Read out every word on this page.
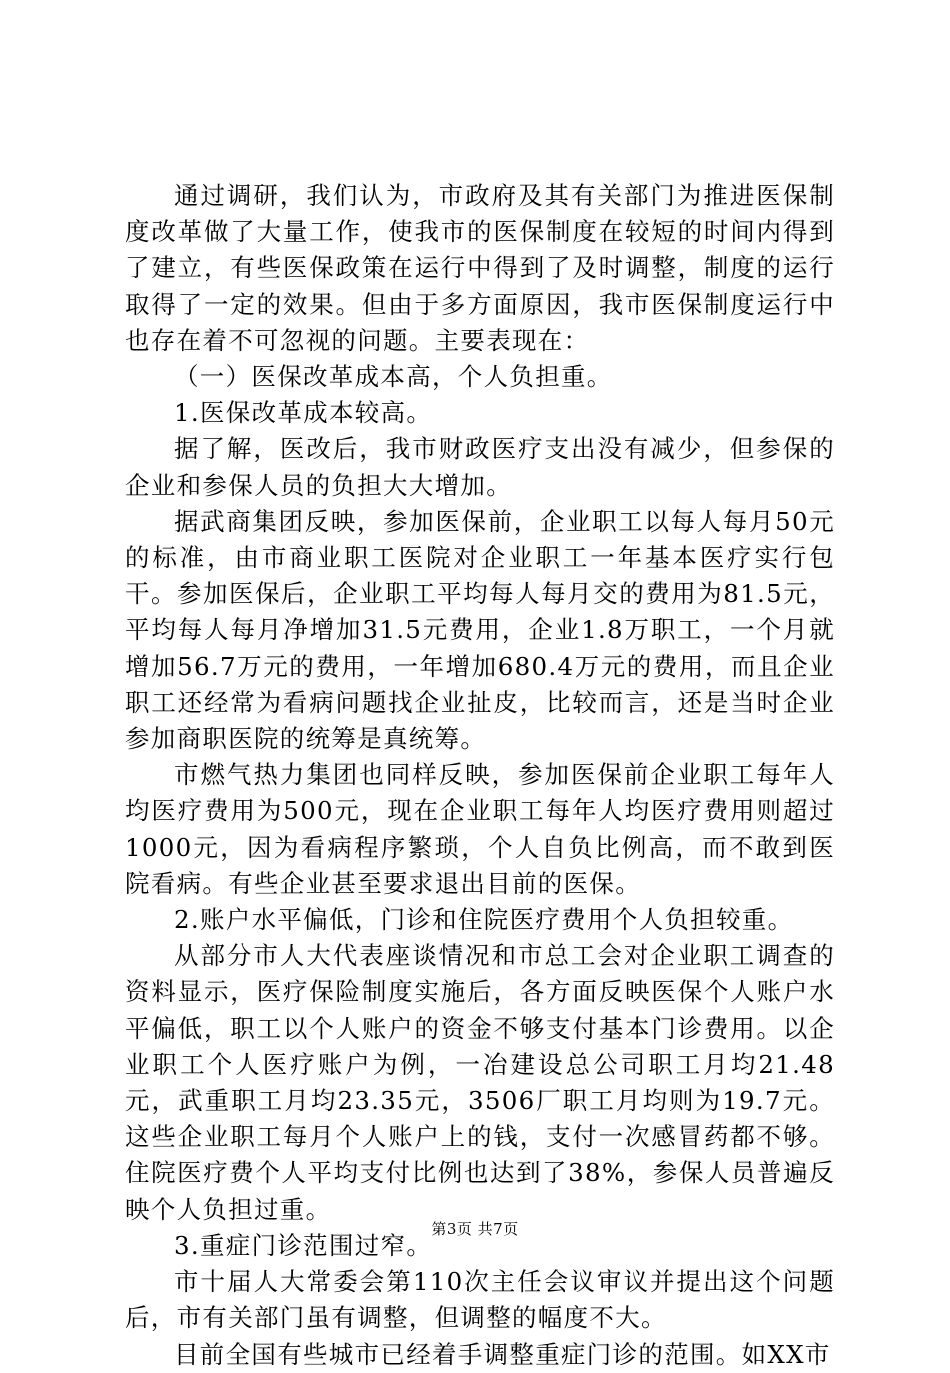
通过调研，我们认为，市政府及其有关部门为推进医保制度改革做了大量工作，使我市的医保制度在较短的时间内得到了建立，有些医保政策在运行中得到了及时调整，制度的运行取得了一定的效果。但由于多方面原因，我市医保制度运行中也存在着不可忽视的问题。主要表现在：

（一）医保改革成本高，个人负担重。

1.医保改革成本较高。

据了解，医改后，我市财政医疗支出没有减少，但参保的企业和参保人员的负担大大增加。

据武商集团反映，参加医保前，企业职工以每人每月50元的标准，由市商业职工医院对企业职工一年基本医疗实行包干。参加医保后，企业职工平均每人每月交的费用为81.5元，平均每人每月净增加31.5元费用，企业1.8万职工，一个月就增加56.7万元的费用，一年增加680.4万元的费用，而且企业职工还经常为看病问题找企业扯皮，比较而言，还是当时企业参加商职医院的统筹是真统筹。

市燃气热力集团也同样反映，参加医保前企业职工每年人均医疗费用为500元，现在企业职工每年人均医疗费用则超过1000元，因为看病程序繁琐，个人自负比例高，而不敢到医院看病。有些企业甚至要求退出目前的医保。

2.账户水平偏低，门诊和住院医疗费用个人负担较重。

从部分市人大代表座谈情况和市总工会对企业职工调查的资料显示，医疗保险制度实施后，各方面反映医保个人账户水平偏低，职工以个人账户的资金不够支付基本门诊费用。以企业职工个人医疗账户为例，一冶建设总公司职工月均21.48元，武重职工月均23.35元，3506厂职工月均则为19.7元。这些企业职工每月个人账户上的钱，支付一次感冒药都不够。住院医疗费个人平均支付比例也达到了38%，参保人员普遍反映个人负担过重。

3.重症门诊范围过窄。

市十届人大常委会第110次主任会议审议并提出这个问题后，市有关部门虽有调整，但调整的幅度不大。

目前全国有些城市已经着手调整重症门诊的范围。如XX市

第3页 共7页
